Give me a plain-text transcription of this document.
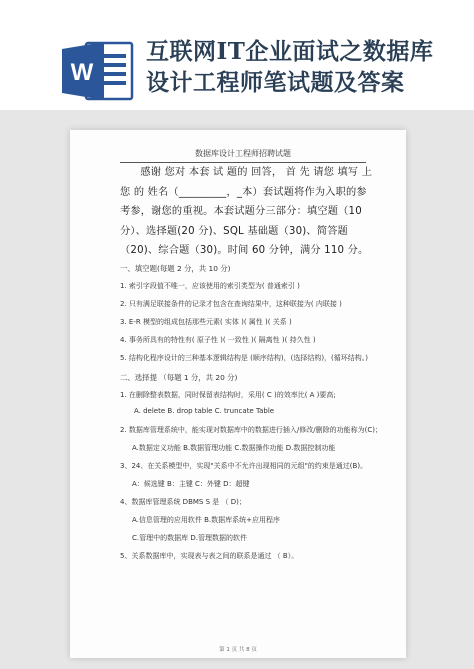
W
互联网IT企业面试之数据库
设计工程师笔试题及答案
数据库设计工程师招聘试题
感谢 您对 本套 试 题的 回答， 首 先 请您 填写 上您 的 姓名（_________，_本）套试题将作为入职的参考参，谢您的重视。本套试题分三部分：填空题（10 分）、选择题(20 分)、SQL 基础题（30)、简答题（20)、综合题（30)。时间 60 分钟，满分 110 分。
一、填空题(每题 2 分，共 10 分)
1. 索引字段值不唯一，应该使用的索引类型为( 普通索引 )
2. 只有满足联接条件的记录才包含在查询结果中，这种联接为( 内联接 )
3. E-R 模型的组成包括那些元素( 实体 )( 属性 )( 关系 )
4. 事务所具有的特性有( 原子性 )( 一致性 )( 隔离性 )( 持久性 )
5. 结构化程序设计的三种基本逻辑结构是 (顺序结构)，(选择结构)，(循环结构。)
二、选择提 （每题 1 分，共 20 分)
1. 在删除整表数据，同时保留表结构时，采用( C )的效率比( A )要高;
A. delete B. drop table C. truncate Table
2. 数据库管理系统中，能实现对数据库中的数据进行插入/修改/删除的功能称为(C)；
A.数据定义功能 B.数据管理功能 C.数据操作功能 D.数据控制功能
3、24、在关系模型中，实现"关系中不允许出现相同的元组"的约束是通过(B)。
A：候选键 B：主键 C：外键 D：超键
4、数据库管理系统 DBMS S 是 （ D)；
A.信息管理的应用软件 B.数据库系统+应用程序
C.管理中的数据库 D.管理数据的软件
5、关系数据库中，实现表与表之间的联系是通过 （ B）。
第 1 页 共 8 页
